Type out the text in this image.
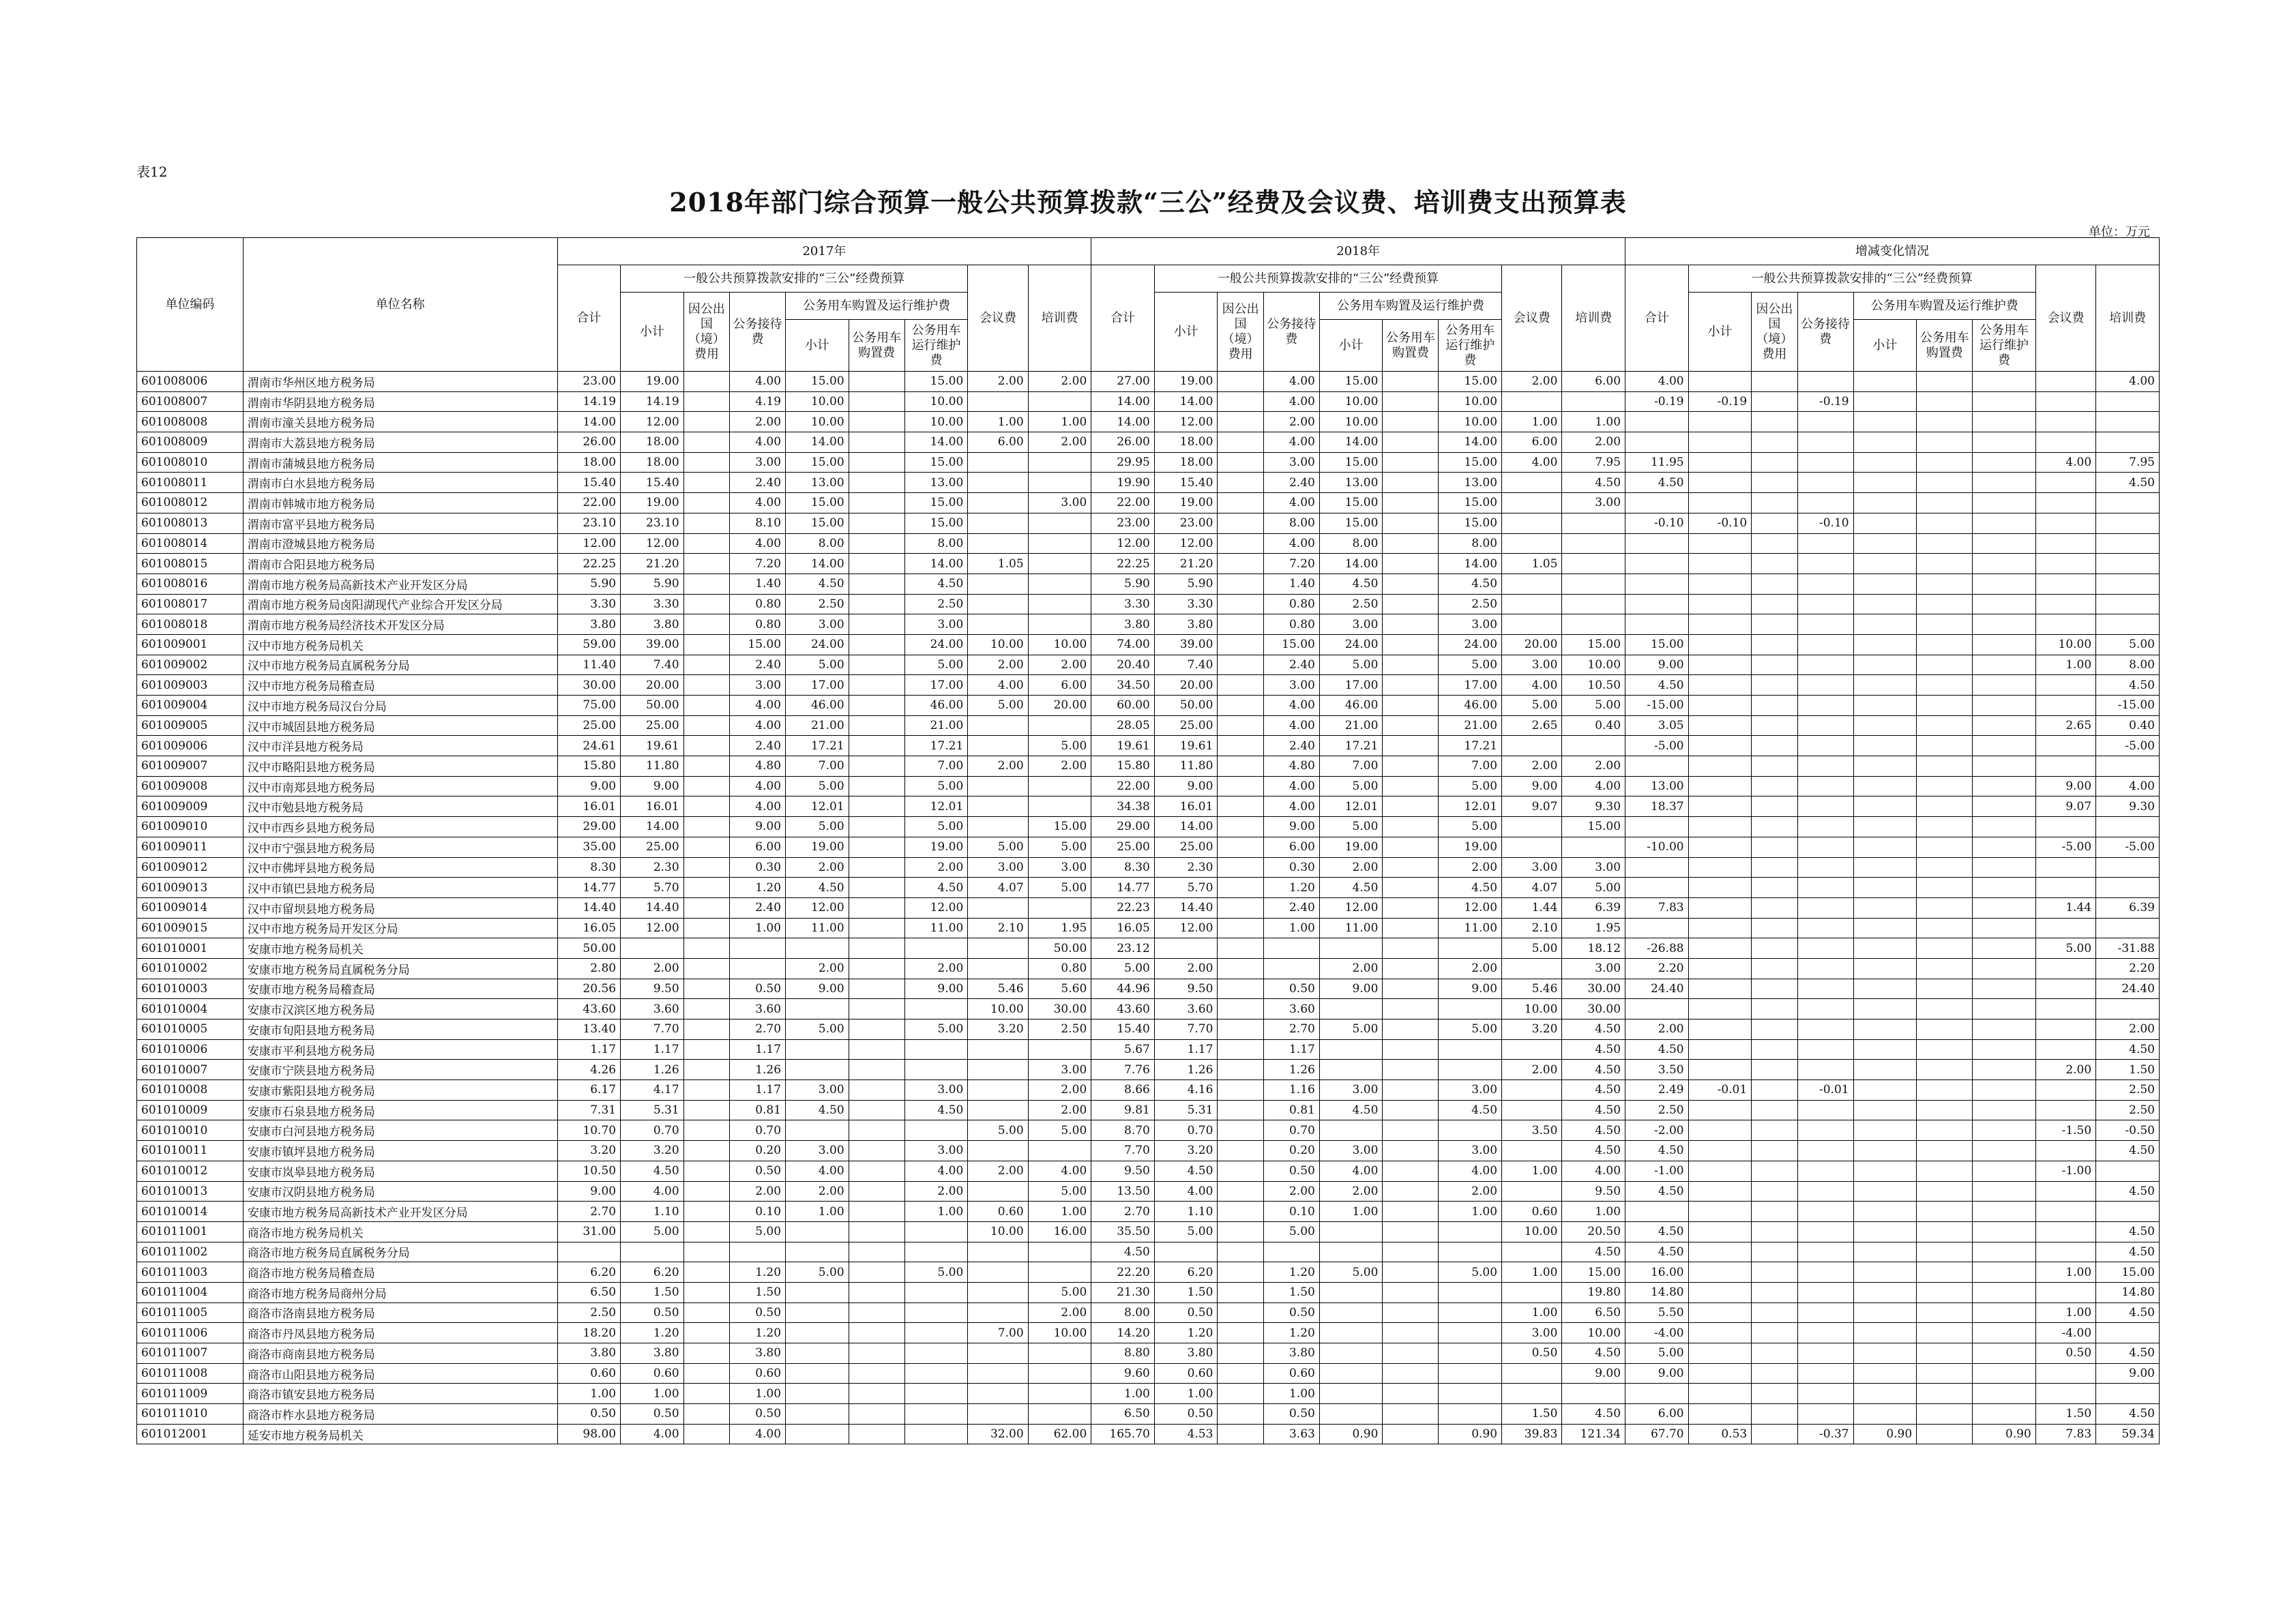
表12
2018年部门综合预算一般公共预算拨款“三公”经费及会议费、培训费支出预算表
单位：万元
单位编码	单位名称	2017年									2018年									增减变化情况								
		合计	一般公共预算拨款安排的“三公”经费预算						会议费	培训费	合计	一般公共预算拨款安排的“三公”经费预算						会议费	培训费	合计	一般公共预算拨款安排的“三公”经费预算						会议费	培训费
			小计	因公出国（境）费用	公务接待费	公务用车购置及运行维护费						小计	因公出国（境）费用	公务接待费	公务用车购置及运行维护费						小计	因公出国（境）费用	公务接待费	公务用车购置及运行维护费				
						小计	公务用车购置费	公务用车运行维护费							小计	公务用车购置费	公务用车运行维护费							小计	公务用车购置费	公务用车运行维护费		
601008006	渭南市华州区地方税务局	23.00	19.00		4.00	15.00		15.00	2.00	2.00	27.00	19.00		4.00	15.00		15.00	2.00	6.00	4.00								4.00
601008007	渭南市华阴县地方税务局	14.19	14.19		4.19	10.00		10.00			14.00	14.00		4.00	10.00		10.00			-0.19	-0.19		-0.19					
601008008	渭南市潼关县地方税务局	14.00	12.00		2.00	10.00		10.00	1.00	1.00	14.00	12.00		2.00	10.00		10.00	1.00	1.00									
601008009	渭南市大荔县地方税务局	26.00	18.00		4.00	14.00		14.00	6.00	2.00	26.00	18.00		4.00	14.00		14.00	6.00	2.00									
601008010	渭南市蒲城县地方税务局	18.00	18.00		3.00	15.00		15.00			29.95	18.00		3.00	15.00		15.00	4.00	7.95	11.95							4.00	7.95
601008011	渭南市白水县地方税务局	15.40	15.40		2.40	13.00		13.00			19.90	15.40		2.40	13.00		13.00		4.50	4.50								4.50
601008012	渭南市韩城市地方税务局	22.00	19.00		4.00	15.00		15.00		3.00	22.00	19.00		4.00	15.00		15.00		3.00									
601008013	渭南市富平县地方税务局	23.10	23.10		8.10	15.00		15.00			23.00	23.00		8.00	15.00		15.00			-0.10	-0.10		-0.10					
601008014	渭南市澄城县地方税务局	12.00	12.00		4.00	8.00		8.00			12.00	12.00		4.00	8.00		8.00											
601008015	渭南市合阳县地方税务局	22.25	21.20		7.20	14.00		14.00	1.05		22.25	21.20		7.20	14.00		14.00	1.05										
601008016	渭南市地方税务局高新技术产业开发区分局	5.90	5.90		1.40	4.50		4.50			5.90	5.90		1.40	4.50		4.50											
601008017	渭南市地方税务局卤阳湖现代产业综合开发区分局	3.30	3.30		0.80	2.50		2.50			3.30	3.30		0.80	2.50		2.50											
601008018	渭南市地方税务局经济技术开发区分局	3.80	3.80		0.80	3.00		3.00			3.80	3.80		0.80	3.00		3.00											
601009001	汉中市地方税务局机关	59.00	39.00		15.00	24.00		24.00	10.00	10.00	74.00	39.00		15.00	24.00		24.00	20.00	15.00	15.00							10.00	5.00
601009002	汉中市地方税务局直属税务分局	11.40	7.40		2.40	5.00		5.00	2.00	2.00	20.40	7.40		2.40	5.00		5.00	3.00	10.00	9.00							1.00	8.00
601009003	汉中市地方税务局稽查局	30.00	20.00		3.00	17.00		17.00	4.00	6.00	34.50	20.00		3.00	17.00		17.00	4.00	10.50	4.50								4.50
601009004	汉中市地方税务局汉台分局	75.00	50.00		4.00	46.00		46.00	5.00	20.00	60.00	50.00		4.00	46.00		46.00	5.00	5.00	-15.00								-15.00
601009005	汉中市城固县地方税务局	25.00	25.00		4.00	21.00		21.00			28.05	25.00		4.00	21.00		21.00	2.65	0.40	3.05							2.65	0.40
601009006	汉中市洋县地方税务局	24.61	19.61		2.40	17.21		17.21		5.00	19.61	19.61		2.40	17.21		17.21			-5.00								-5.00
601009007	汉中市略阳县地方税务局	15.80	11.80		4.80	7.00		7.00	2.00	2.00	15.80	11.80		4.80	7.00		7.00	2.00	2.00									
601009008	汉中市南郑县地方税务局	9.00	9.00		4.00	5.00		5.00			22.00	9.00		4.00	5.00		5.00	9.00	4.00	13.00							9.00	4.00
601009009	汉中市勉县地方税务局	16.01	16.01		4.00	12.01		12.01			34.38	16.01		4.00	12.01		12.01	9.07	9.30	18.37							9.07	9.30
601009010	汉中市西乡县地方税务局	29.00	14.00		9.00	5.00		5.00		15.00	29.00	14.00		9.00	5.00		5.00		15.00									
601009011	汉中市宁强县地方税务局	35.00	25.00		6.00	19.00		19.00	5.00	5.00	25.00	25.00		6.00	19.00		19.00			-10.00							-5.00	-5.00
601009012	汉中市佛坪县地方税务局	8.30	2.30		0.30	2.00		2.00	3.00	3.00	8.30	2.30		0.30	2.00		2.00	3.00	3.00									
601009013	汉中市镇巴县地方税务局	14.77	5.70		1.20	4.50		4.50	4.07	5.00	14.77	5.70		1.20	4.50		4.50	4.07	5.00									
601009014	汉中市留坝县地方税务局	14.40	14.40		2.40	12.00		12.00			22.23	14.40		2.40	12.00		12.00	1.44	6.39	7.83							1.44	6.39
601009015	汉中市地方税务局开发区分局	16.05	12.00		1.00	11.00		11.00	2.10	1.95	16.05	12.00		1.00	11.00		11.00	2.10	1.95									
601010001	安康市地方税务局机关	50.00								50.00	23.12							5.00	18.12	-26.88							5.00	-31.88
601010002	安康市地方税务局直属税务分局	2.80	2.00			2.00		2.00		0.80	5.00	2.00			2.00		2.00		3.00	2.20								2.20
601010003	安康市地方税务局稽查局	20.56	9.50		0.50	9.00		9.00	5.46	5.60	44.96	9.50		0.50	9.00		9.00	5.46	30.00	24.40								24.40
601010004	安康市汉滨区地方税务局	43.60	3.60		3.60				10.00	30.00	43.60	3.60		3.60				10.00	30.00									
601010005	安康市旬阳县地方税务局	13.40	7.70		2.70	5.00		5.00	3.20	2.50	15.40	7.70		2.70	5.00		5.00	3.20	4.50	2.00								2.00
601010006	安康市平利县地方税务局	1.17	1.17		1.17						5.67	1.17		1.17					4.50	4.50								4.50
601010007	安康市宁陕县地方税务局	4.26	1.26		1.26					3.00	7.76	1.26		1.26				2.00	4.50	3.50							2.00	1.50
601010008	安康市紫阳县地方税务局	6.17	4.17		1.17	3.00		3.00		2.00	8.66	4.16		1.16	3.00		3.00		4.50	2.49	-0.01		-0.01					2.50
601010009	安康市石泉县地方税务局	7.31	5.31		0.81	4.50		4.50		2.00	9.81	5.31		0.81	4.50		4.50		4.50	2.50								2.50
601010010	安康市白河县地方税务局	10.70	0.70		0.70				5.00	5.00	8.70	0.70		0.70				3.50	4.50	-2.00							-1.50	-0.50
601010011	安康市镇坪县地方税务局	3.20	3.20		0.20	3.00		3.00			7.70	3.20		0.20	3.00		3.00		4.50	4.50								4.50
601010012	安康市岚皋县地方税务局	10.50	4.50		0.50	4.00		4.00	2.00	4.00	9.50	4.50		0.50	4.00		4.00	1.00	4.00	-1.00							-1.00	
601010013	安康市汉阴县地方税务局	9.00	4.00		2.00	2.00		2.00		5.00	13.50	4.00		2.00	2.00		2.00		9.50	4.50								4.50
601010014	安康市地方税务局高新技术产业开发区分局	2.70	1.10		0.10	1.00		1.00	0.60	1.00	2.70	1.10		0.10	1.00		1.00	0.60	1.00									
601011001	商洛市地方税务局机关	31.00	5.00		5.00				10.00	16.00	35.50	5.00		5.00				10.00	20.50	4.50								4.50
601011002	商洛市地方税务局直属税务分局										4.50								4.50	4.50								4.50
601011003	商洛市地方税务局稽查局	6.20	6.20		1.20	5.00		5.00			22.20	6.20		1.20	5.00		5.00	1.00	15.00	16.00							1.00	15.00
601011004	商洛市地方税务局商州分局	6.50	1.50		1.50					5.00	21.30	1.50		1.50					19.80	14.80								14.80
601011005	商洛市洛南县地方税务局	2.50	0.50		0.50					2.00	8.00	0.50		0.50				1.00	6.50	5.50							1.00	4.50
601011006	商洛市丹凤县地方税务局	18.20	1.20		1.20				7.00	10.00	14.20	1.20		1.20				3.00	10.00	-4.00							-4.00	
601011007	商洛市商南县地方税务局	3.80	3.80		3.80						8.80	3.80		3.80				0.50	4.50	5.00							0.50	4.50
601011008	商洛市山阳县地方税务局	0.60	0.60		0.60						9.60	0.60		0.60					9.00	9.00								9.00
601011009	商洛市镇安县地方税务局	1.00	1.00		1.00						1.00	1.00		1.00														
601011010	商洛市柞水县地方税务局	0.50	0.50		0.50						6.50	0.50		0.50				1.50	4.50	6.00							1.50	4.50
601012001	延安市地方税务局机关	98.00	4.00		4.00				32.00	62.00	165.70	4.53		3.63	0.90		0.90	39.83	121.34	67.70	0.53		-0.37	0.90		0.90	7.83	59.34
